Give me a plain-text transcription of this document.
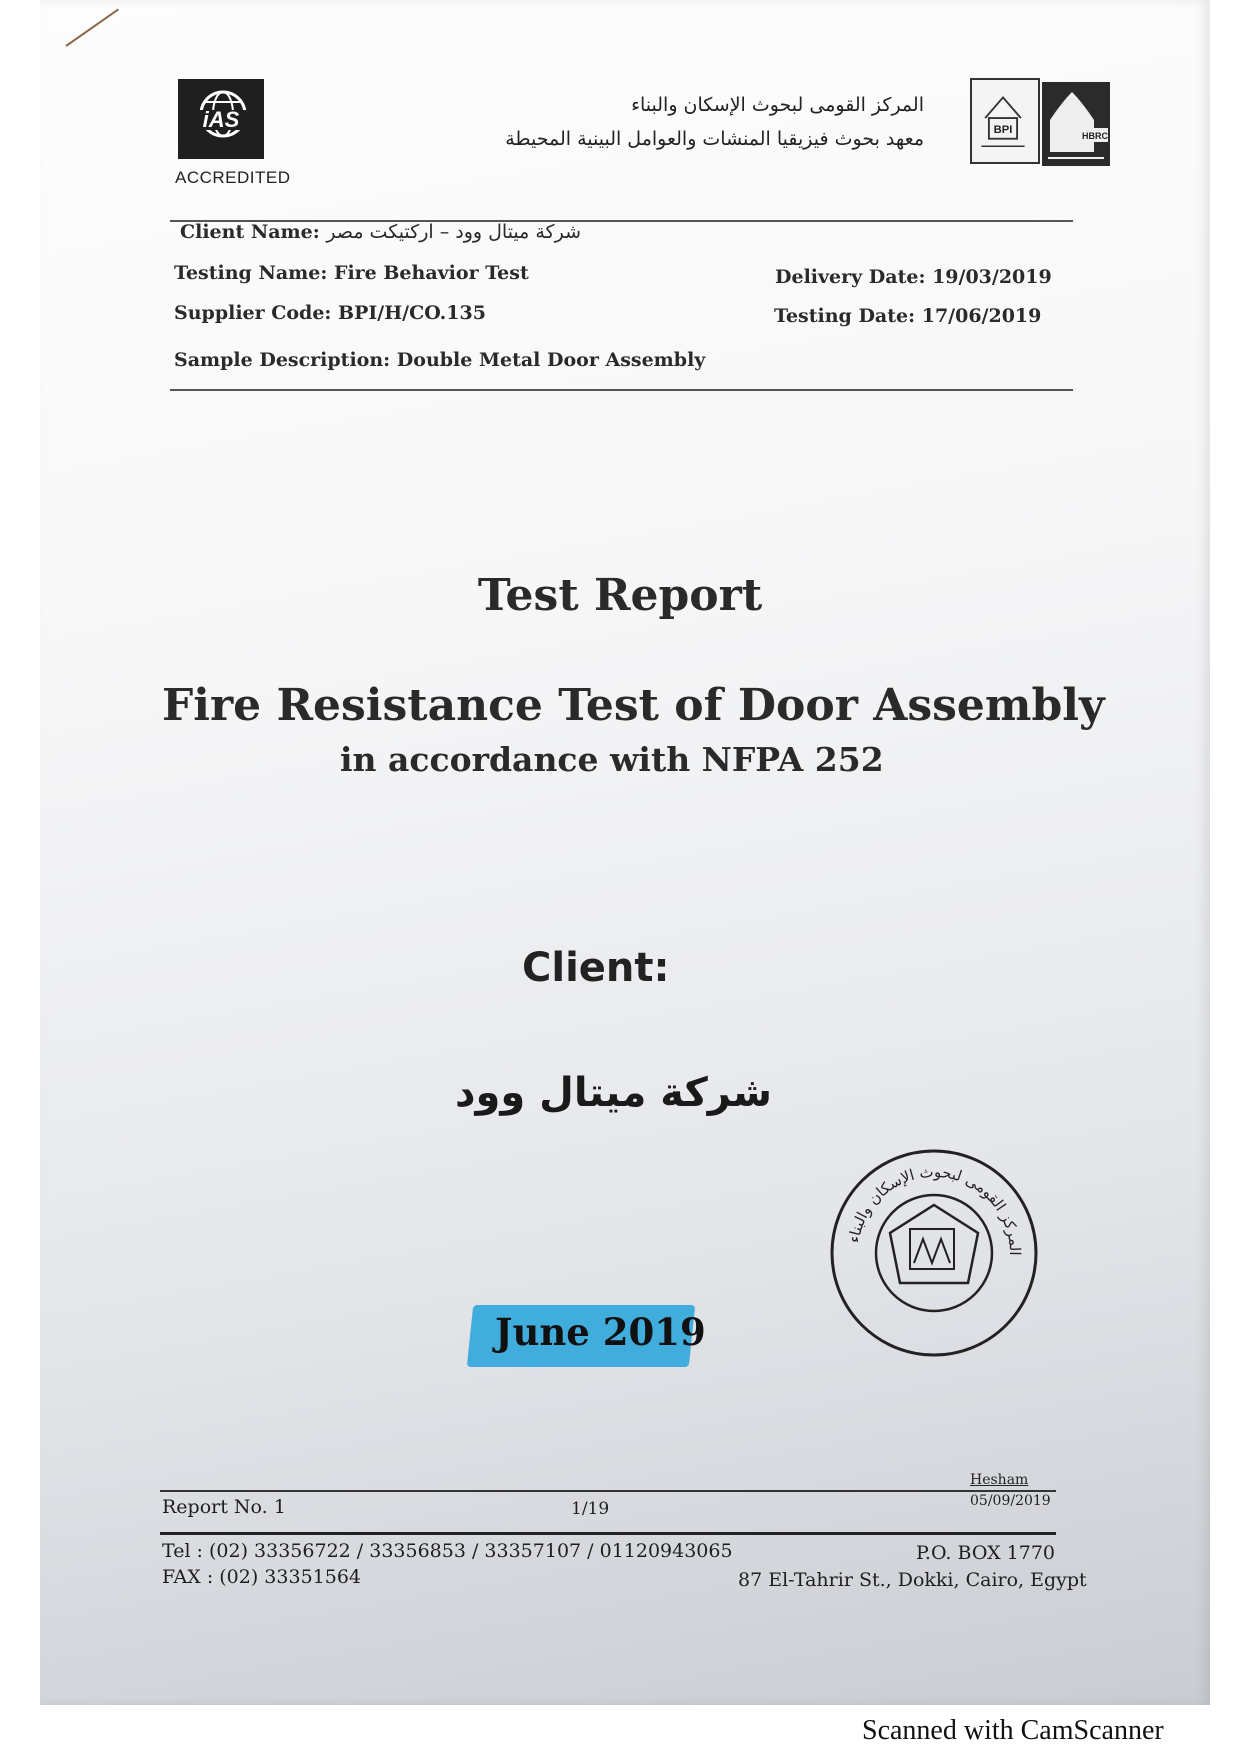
iAS
ACCREDITED
المركز القومى لبحوث الإسكان والبناء
معهد بحوث فيزيقيا المنشات والعوامل البينية المحيطة	BPI	HBRC
Client Name: شركة ميتال وود – اركتيكت مصر
Testing Name: Fire Behavior Test
Supplier Code: BPI/H/CO.135
Sample Description: Double Metal Door Assembly
Delivery Date: 19/03/2019
Testing Date: 17/06/2019
Test Report
Fire Resistance Test of Door Assembly
in accordance with NFPA 252
Client:
شركة ميتال وود
June 2019
المركز القومى لبحوث الإسكان والبناء
Hesham
05/09/2019
Report No. 1	1/19
Tel : (02) 33356722 / 33356853 / 33357107 / 01120943065
FAX : (02) 33351564
P.O. BOX 1770
87 El-Tahrir St., Dokki, Cairo, Egypt
Scanned with CamScanner
